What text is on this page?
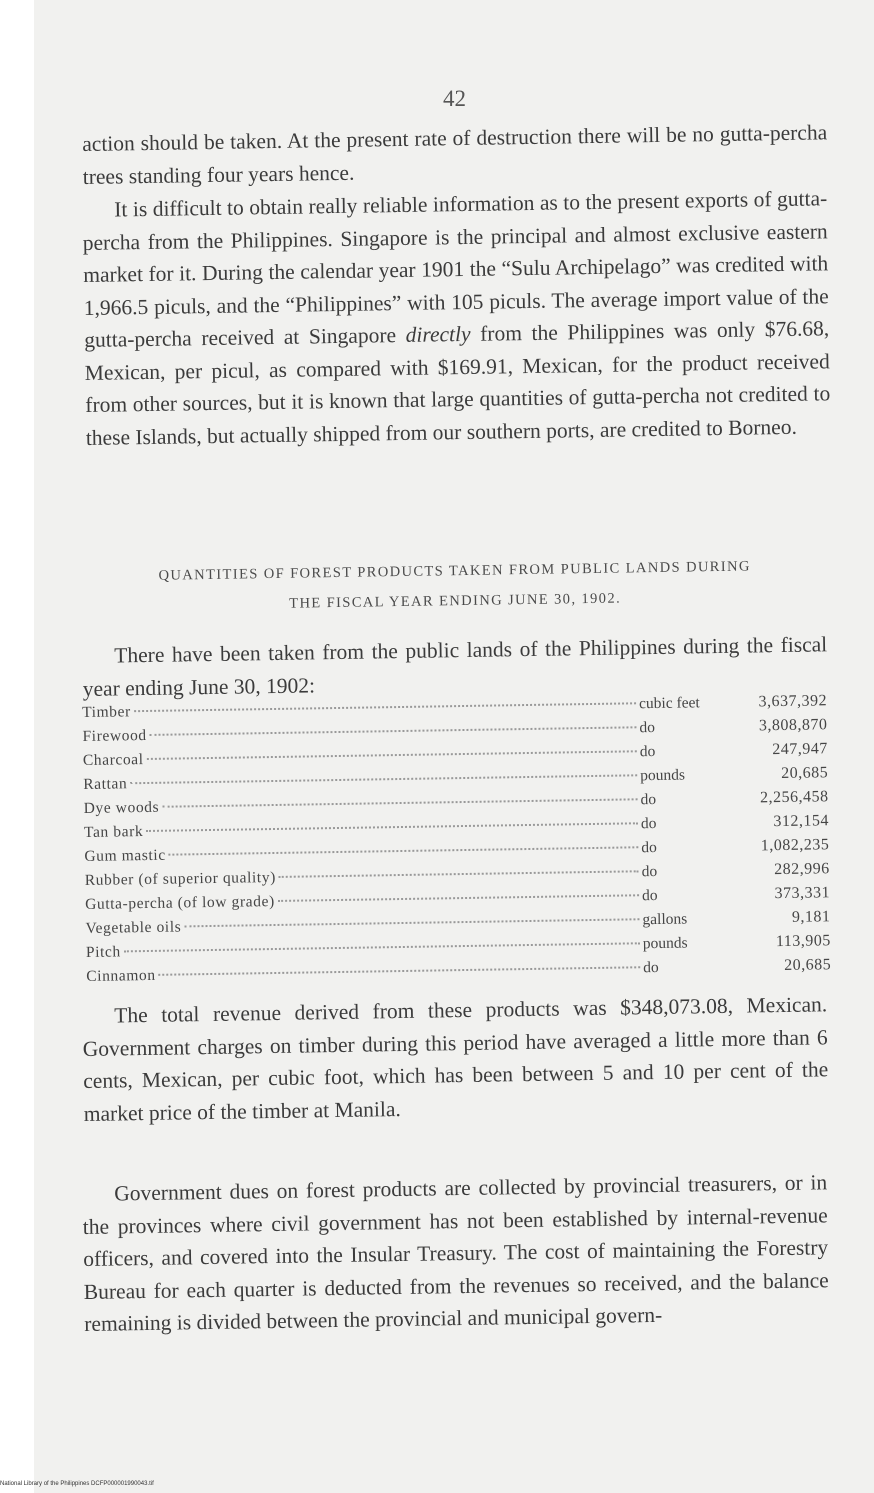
42

action should be taken. At the present rate of destruction there will be no gutta-percha trees standing four years hence.

It is difficult to obtain really reliable information as to the present exports of gutta-percha from the Philippines. Singapore is the principal and almost exclusive eastern market for it. During the calendar year 1901 the “Sulu Archipelago” was credited with 1,966.5 piculs, and the “Philippines” with 105 piculs. The average import value of the gutta-percha received at Singapore directly from the Philippines was only $76.68, Mexican, per picul, as compared with $169.91, Mexican, for the product received from other sources, but it is known that large quantities of gutta-percha not credited to these Islands, but actually shipped from our southern ports, are credited to Borneo.

QUANTITIES OF FOREST PRODUCTS TAKEN FROM PUBLIC LANDS DURING

THE FISCAL YEAR ENDING JUNE 30, 1902.

There have been taken from the public lands of the Philippines during the fiscal year ending June 30, 1902:

Timber	cubic feet	3,637,392
Firewood	do	3,808,870
Charcoal	do	247,947
Rattan	pounds	20,685
Dye woods	do	2,256,458
Tan bark	do	312,154
Gum mastic	do	1,082,235
Rubber (of superior quality)	do	282,996
Gutta-percha (of low grade)	do	373,331
Vegetable oils	gallons	9,181
Pitch	pounds	113,905
Cinnamon	do	20,685

The total revenue derived from these products was $348,073.08, Mexican. Government charges on timber during this period have averaged a little more than 6 cents, Mexican, per cubic foot, which has been between 5 and 10 per cent of the market price of the timber at Manila.

Government dues on forest products are collected by provincial treasurers, or in the provinces where civil government has not been established by internal-revenue officers, and covered into the Insular Treasury. The cost of maintaining the Forestry Bureau for each quarter is deducted from the revenues so received, and the balance remaining is divided between the provincial and municipal govern-

National Library of the Philippines DCFP000001990043.tif
